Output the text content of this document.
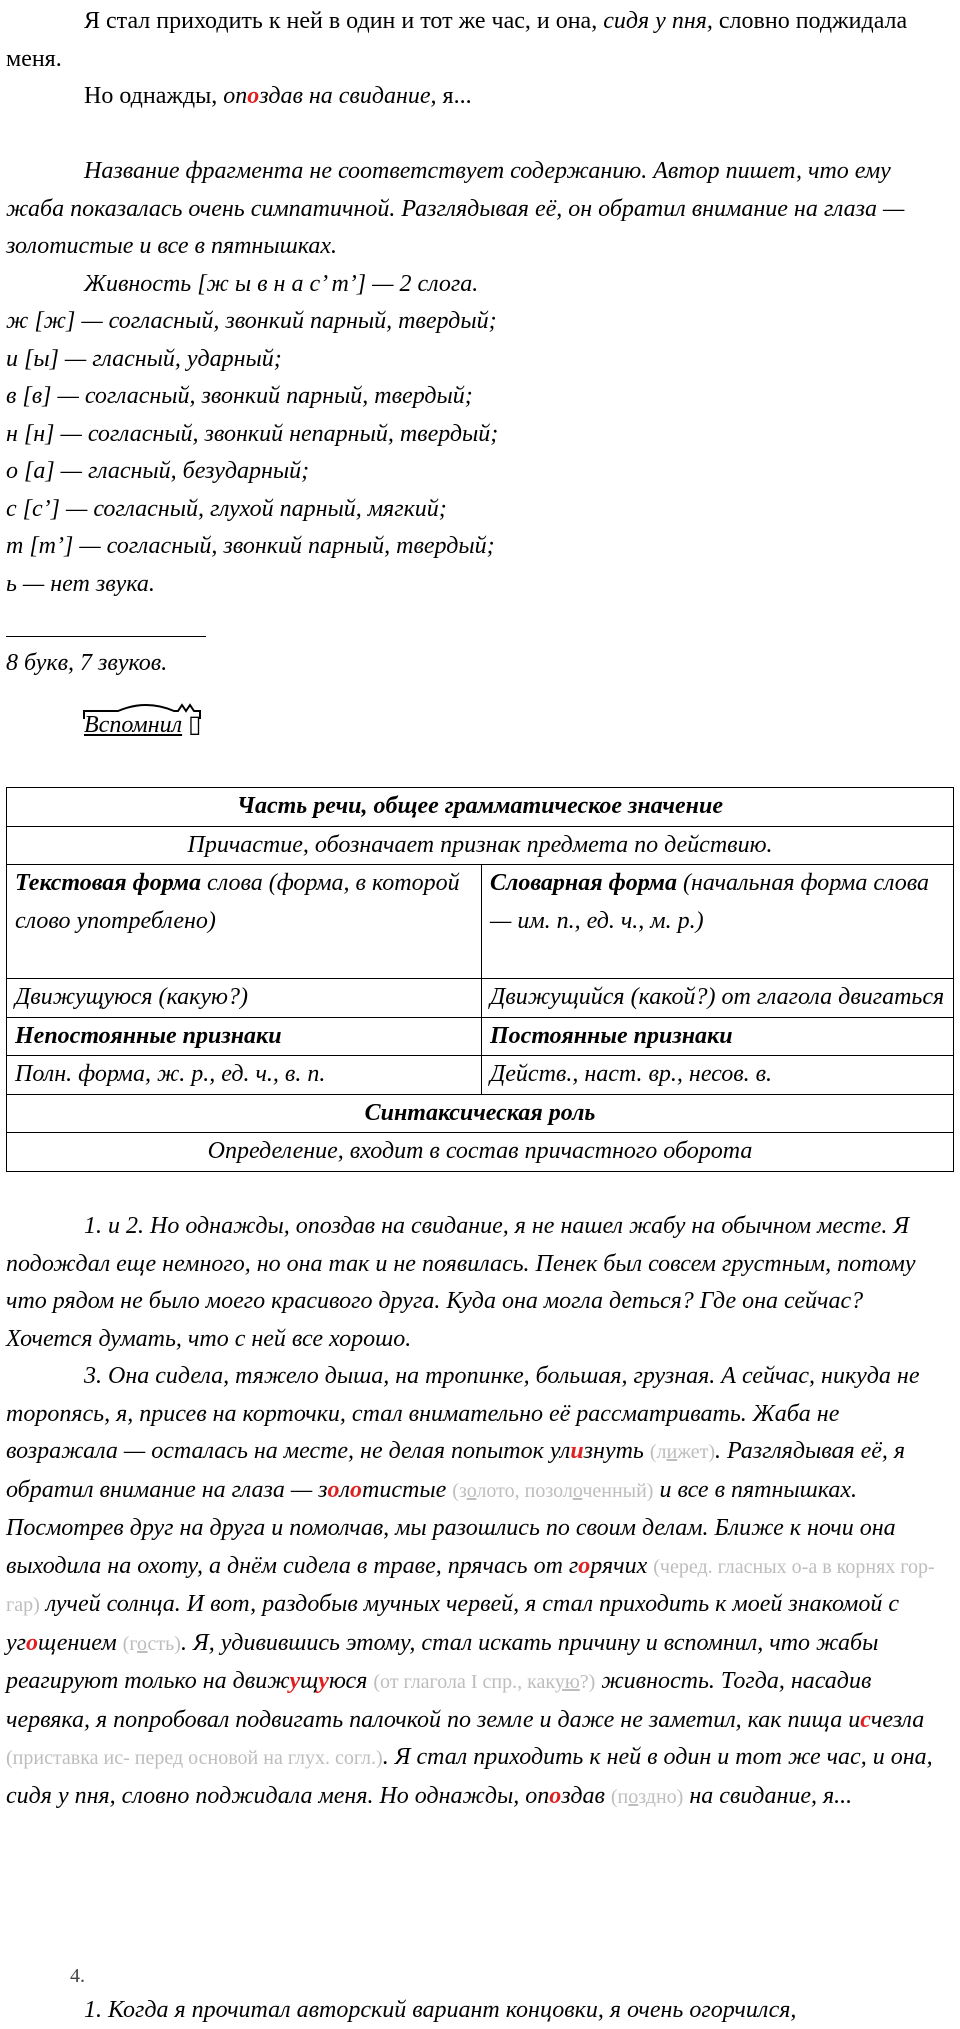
Я стал приходить к ней в один и тот же час, и она, сидя у пня, словно поджидала меня.

Но однажды, опоздав на свидание, я...

Название фрагмента не соответствует содержанию. Автор пишет, что ему жаба показалась очень симпатичной. Разглядывая её, он обратил внимание на глаза — золотистые и все в пятнышках.

Живность [ж ы в н а с’ т’] — 2 слога.

ж [ж] — согласный, звонкий парный, твердый;

и [ы] — гласный, ударный;

в [в] — согласный, звонкий парный, твердый;

н [н] — согласный, звонкий непарный, твердый;

о [а] — гласный, безударный;

с [с’] — согласный, глухой парный, мягкий;

т [т’] — согласный, звонкий парный, твердый;

ь — нет звука.

8 букв, 7 звуков.

Вспомнил ▯

Часть речи, общее грамматическое значение	
Причастие, обозначает признак предмета по действию.	
Текстовая форма слова (форма, в которой слово употреблено)	Словарная форма (начальная форма слова — им. п., ед. ч., м. р.)
Движущуюся (какую?)	Движущийся (какой?) от глагола двигаться
Непостоянные признаки	Постоянные признаки
Полн. форма, ж. р., ед. ч., в. п.	Действ., наст. вр., несов. в.
Синтаксическая роль	
Определение, входит в состав причастного оборота	

1. и 2. Но однажды, опоздав на свидание, я не нашел жабу на обычном месте. Я подождал еще немного, но она так и не появилась. Пенек был совсем грустным, потому что рядом не было моего красивого друга. Куда она могла деться? Где она сейчас? Хочется думать, что с ней все хорошо.

3. Она сидела, тяжело дыша, на тропинке, большая, грузная. А сейчас, никуда не торопясь, я, присев на корточки, стал внимательно её рассматривать. Жаба не возражала — осталась на месте, не делая попыток улизнуть (лижет). Разглядывая её, я обратил внимание на глаза — золотистые (золото, позолоченный) и все в пятнышках. Посмотрев друг на друга и помолчав, мы разошлись по своим делам. Ближе к ночи она выходила на охоту, а днём сидела в траве, прячась от горячих (черед. гласных о-а в корнях гор-гар) лучей солнца. И вот, раздобыв мучных червей, я стал приходить к моей знакомой с угощением (гость). Я, удивившись этому, стал искать причину и вспомнил, что жабы реагируют только на движущуюся (от глагола I спр., какую?) живность. Тогда, насадив червяка, я попробовал подвигать палочкой по земле и даже не заметил, как пища исчезла (приставка ис- перед основой на глух. согл.). Я стал приходить к ней в один и тот же час, и она, сидя у пня, словно поджидала меня. Но однажды, опоздав (поздно) на свидание, я...

4.

1. Когда я прочитал авторский вариант концовки, я очень огорчился,
